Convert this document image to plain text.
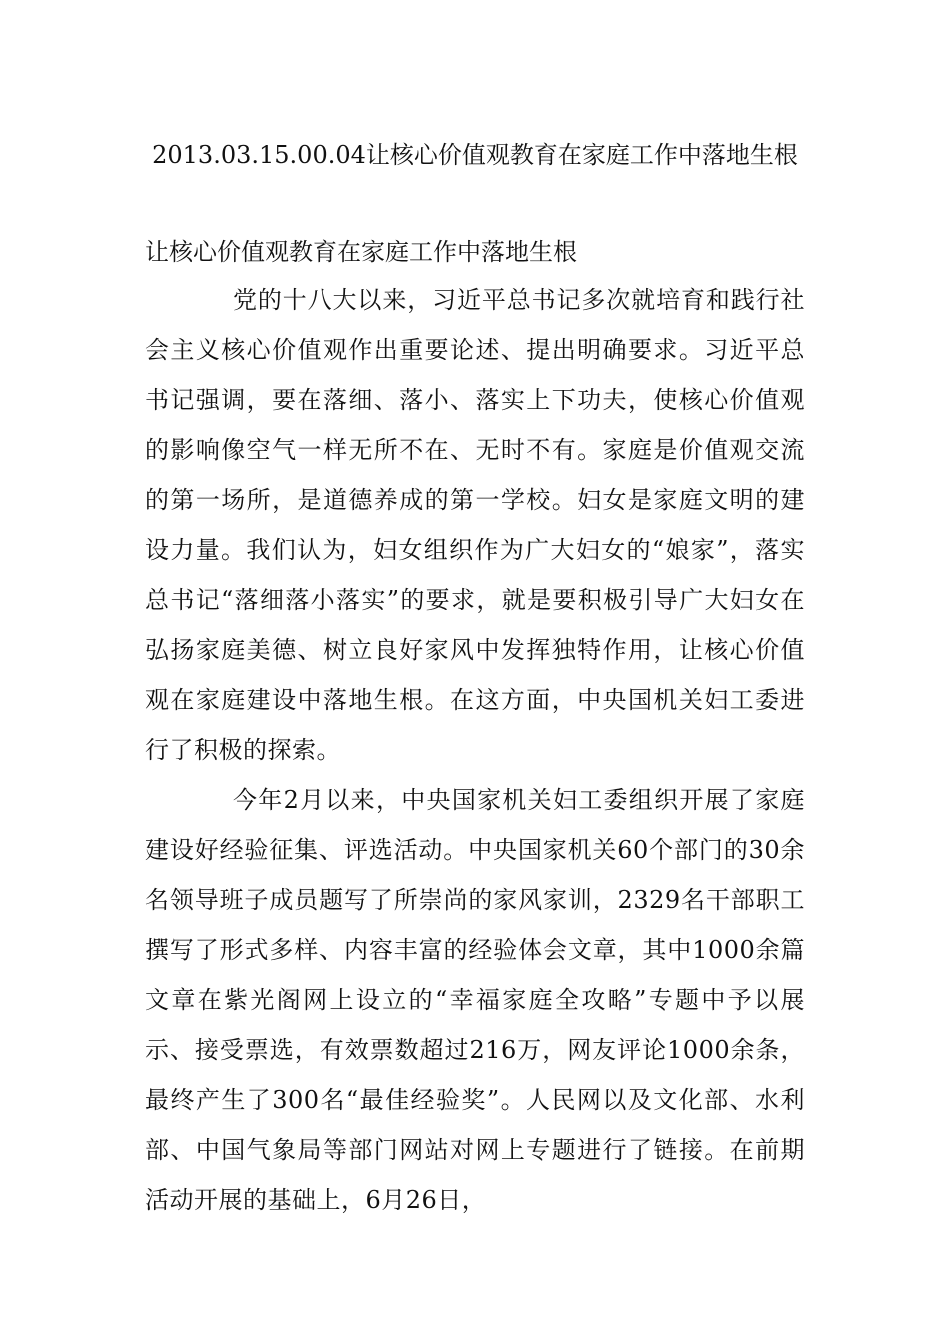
2013.03.15.00.04让核心价值观教育在家庭工作中落地生根

让核心价值观教育在家庭工作中落地生根

党的十八大以来，习近平总书记多次就培育和践行社会主义核心价值观作出重要论述、提出明确要求。习近平总书记强调，要在落细、落小、落实上下功夫，使核心价值观的影响像空气一样无所不在、无时不有。家庭是价值观交流的第一场所，是道德养成的第一学校。妇女是家庭文明的建设力量。我们认为，妇女组织作为广大妇女的“娘家”，落实总书记“落细落小落实”的要求，就是要积极引导广大妇女在弘扬家庭美德、树立良好家风中发挥独特作用，让核心价值观在家庭建设中落地生根。在这方面，中央国机关妇工委进行了积极的探索。

今年2月以来，中央国家机关妇工委组织开展了家庭建设好经验征集、评选活动。中央国家机关60个部门的30余名领导班子成员题写了所崇尚的家风家训，2329名干部职工撰写了形式多样、内容丰富的经验体会文章，其中1000余篇文章在紫光阁网上设立的“幸福家庭全攻略”专题中予以展示、接受票选，有效票数超过216万，网友评论1000余条，最终产生了300名“最佳经验奖”。人民网以及文化部、水利部、中国气象局等部门网站对网上专题进行了链接。在前期活动开展的基础上，6月26日，
